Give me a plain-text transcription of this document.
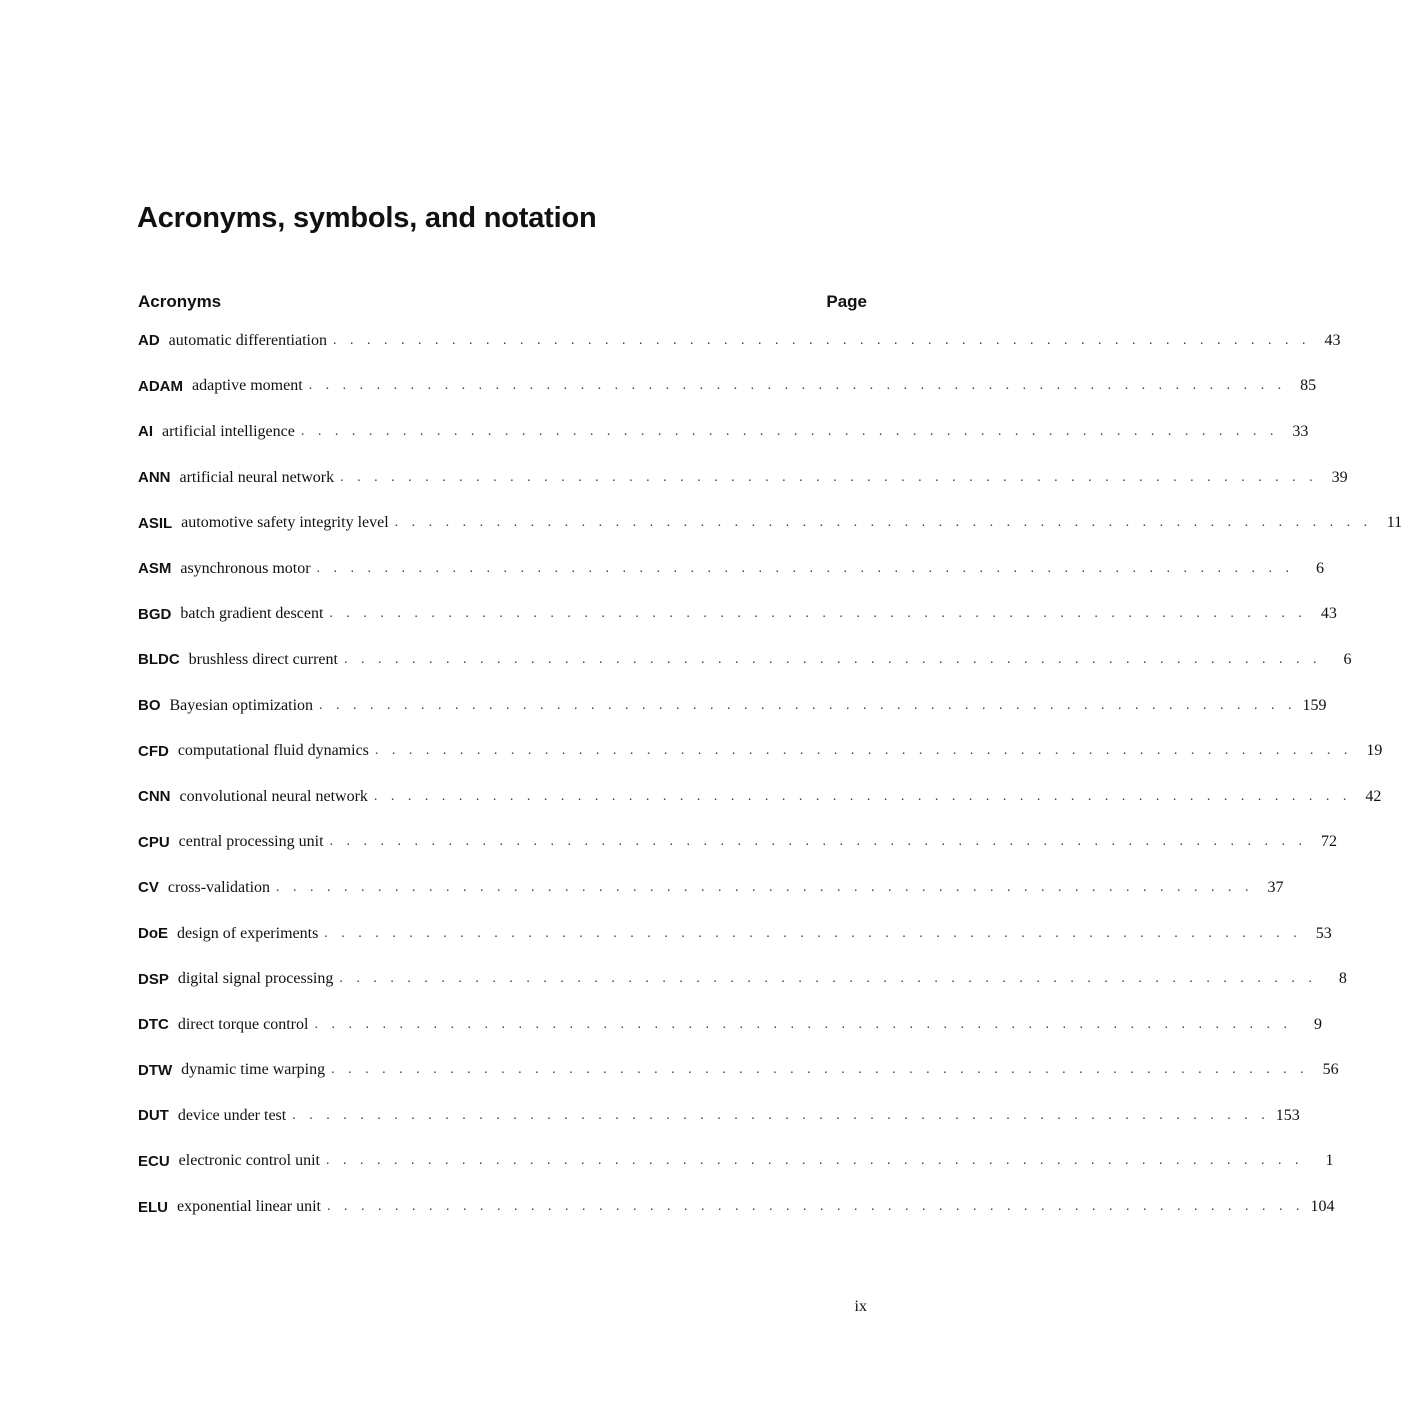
Acronyms, symbols, and notation
Acronyms	Page
AD automatic differentiation . . . . . . . . . . . . . . . . . . . . . . . . . . . . . . . . . . . . . . . . . . . . . . . . . . . . . . . . . . 43
ADAM adaptive moment . . . . . . . . . . . . . . . . . . . . . . . . . . . . . . . . . . . . . . . . . . . . . . . . . . . . . . . . . . 85
AI artificial intelligence . . . . . . . . . . . . . . . . . . . . . . . . . . . . . . . . . . . . . . . . . . . . . . . . . . . . . . . . . . 33
ANN artificial neural network . . . . . . . . . . . . . . . . . . . . . . . . . . . . . . . . . . . . . . . . . . . . . . . . . . . . . . . . . . 39
ASIL automotive safety integrity level . . . . . . . . . . . . . . . . . . . . . . . . . . . . . . . . . . . . . . . . . . . . . . . . . . . . . . . . . . 11
ASM asynchronous motor . . . . . . . . . . . . . . . . . . . . . . . . . . . . . . . . . . . . . . . . . . . . . . . . . . . . . . . . . .	6
BGD batch gradient descent . . . . . . . . . . . . . . . . . . . . . . . . . . . . . . . . . . . . . . . . . . . . . . . . . . . . . . . . . . 43
BLDC brushless direct current . . . . . . . . . . . . . . . . . . . . . . . . . . . . . . . . . . . . . . . . . . . . . . . . . . . . . . . . . .	6
BO Bayesian optimization . . . . . . . . . . . . . . . . . . . . . . . . . . . . . . . . . . . . . . . . . . . . . . . . . . . . . . . . . . 159
CFD computational fluid dynamics . . . . . . . . . . . . . . . . . . . . . . . . . . . . . . . . . . . . . . . . . . . . . . . . . . . . . . . . . . 19
CNN convolutional neural network . . . . . . . . . . . . . . . . . . . . . . . . . . . . . . . . . . . . . . . . . . . . . . . . . . . . . . . . . . 42
CPU central processing unit . . . . . . . . . . . . . . . . . . . . . . . . . . . . . . . . . . . . . . . . . . . . . . . . . . . . . . . . . . 72
CV cross-validation . . . . . . . . . . . . . . . . . . . . . . . . . . . . . . . . . . . . . . . . . . . . . . . . . . . . . . . . . . 37
DoE design of experiments . . . . . . . . . . . . . . . . . . . . . . . . . . . . . . . . . . . . . . . . . . . . . . . . . . . . . . . . . . 53
DSP digital signal processing . . . . . . . . . . . . . . . . . . . . . . . . . . . . . . . . . . . . . . . . . . . . . . . . . . . . . . . . . .	8
DTC direct torque control . . . . . . . . . . . . . . . . . . . . . . . . . . . . . . . . . . . . . . . . . . . . . . . . . . . . . . . . . .	9
DTW dynamic time warping . . . . . . . . . . . . . . . . . . . . . . . . . . . . . . . . . . . . . . . . . . . . . . . . . . . . . . . . . . 56
DUT device under test . . . . . . . . . . . . . . . . . . . . . . . . . . . . . . . . . . . . . . . . . . . . . . . . . . . . . . . . . . 153
ECU electronic control unit . . . . . . . . . . . . . . . . . . . . . . . . . . . . . . . . . . . . . . . . . . . . . . . . . . . . . . . . . .	1
ELU exponential linear unit . . . . . . . . . . . . . . . . . . . . . . . . . . . . . . . . . . . . . . . . . . . . . . . . . . . . . . . . . . 104
ix
